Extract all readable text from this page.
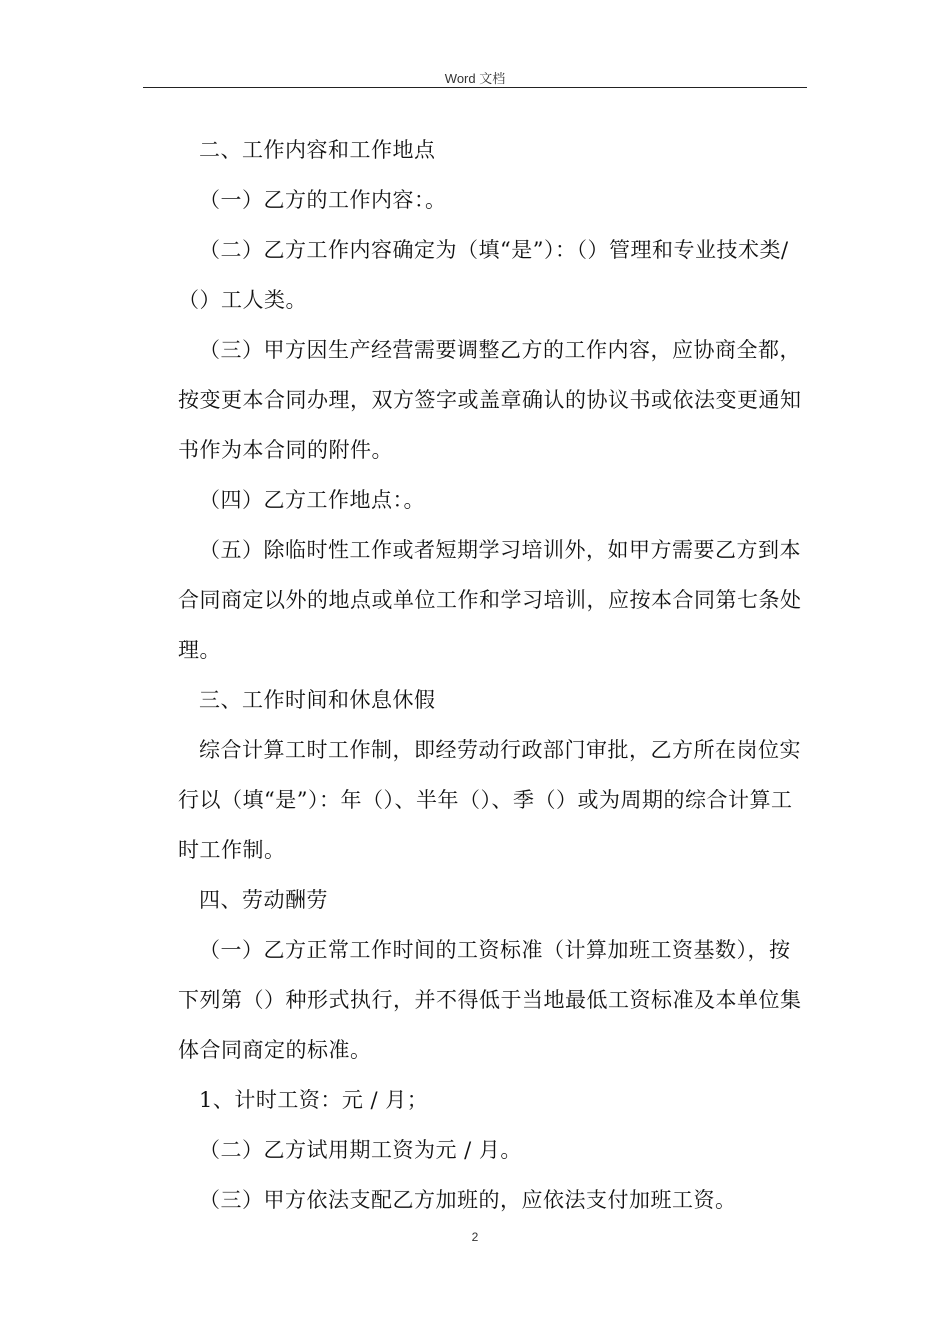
Word 文档

二、工作内容和工作地点

（一）乙方的工作内容：。

（二）乙方工作内容确定为（填“是”）：（）管理和专业技术类/（）工人类。

（三）甲方因生产经营需要调整乙方的工作内容，应协商全都，按变更本合同办理，双方签字或盖章确认的协议书或依法变更通知书作为本合同的附件。

（四）乙方工作地点：。

（五）除临时性工作或者短期学习培训外，如甲方需要乙方到本合同商定以外的地点或单位工作和学习培训，应按本合同第七条处理。

三、工作时间和休息休假

综合计算工时工作制，即经劳动行政部门审批，乙方所在岗位实行以（填“是”）：年（）、半年（）、季（）或为周期的综合计算工时工作制。

四、劳动酬劳

（一）乙方正常工作时间的工资标准（计算加班工资基数），按下列第（）种形式执行，并不得低于当地最低工资标准及本单位集体合同商定的标准。

1、计时工资：元 / 月；

（二）乙方试用期工资为元 / 月。

（三）甲方依法支配乙方加班的，应依法支付加班工资。

2
